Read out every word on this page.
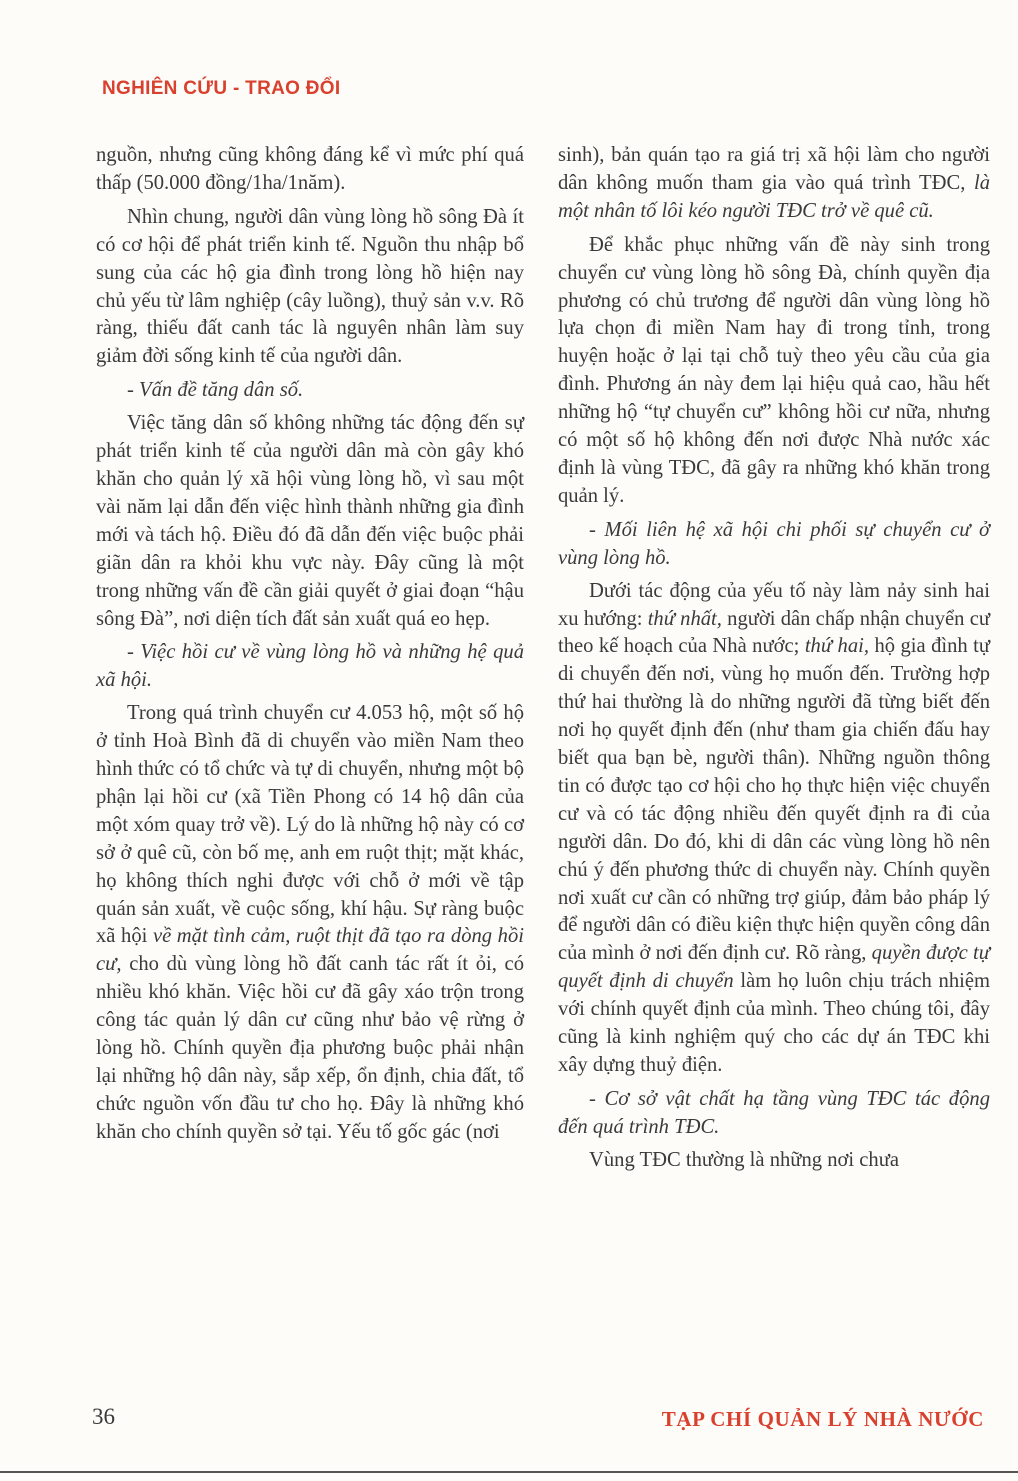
NGHIÊN CỨU - TRAO ĐỔI

nguồn, nhưng cũng không đáng kể vì mức phí quá thấp (50.000 đồng/1ha/1năm).

Nhìn chung, người dân vùng lòng hồ sông Đà ít có cơ hội để phát triển kinh tế. Nguồn thu nhập bổ sung của các hộ gia đình trong lòng hồ hiện nay chủ yếu từ lâm nghiệp (cây luồng), thuỷ sản v.v. Rõ ràng, thiếu đất canh tác là nguyên nhân làm suy giảm đời sống kinh tế của người dân.

- Vấn đề tăng dân số.

Việc tăng dân số không những tác động đến sự phát triển kinh tế của người dân mà còn gây khó khăn cho quản lý xã hội vùng lòng hồ, vì sau một vài năm lại dẫn đến việc hình thành những gia đình mới và tách hộ. Điều đó đã dẫn đến việc buộc phải giãn dân ra khỏi khu vực này. Đây cũng là một trong những vấn đề cần giải quyết ở giai đoạn “hậu sông Đà”, nơi diện tích đất sản xuất quá eo hẹp.

- Việc hồi cư về vùng lòng hồ và những hệ quả xã hội.

Trong quá trình chuyển cư 4.053 hộ, một số hộ ở tỉnh Hoà Bình đã di chuyển vào miền Nam theo hình thức có tổ chức và tự di chuyển, nhưng một bộ phận lại hồi cư (xã Tiền Phong có 14 hộ dân của một xóm quay trở về). Lý do là những hộ này có cơ sở ở quê cũ, còn bố mẹ, anh em ruột thịt; mặt khác, họ không thích nghi được với chỗ ở mới về tập quán sản xuất, về cuộc sống, khí hậu. Sự ràng buộc xã hội về mặt tình cảm, ruột thịt đã tạo ra dòng hồi cư, cho dù vùng lòng hồ đất canh tác rất ít ỏi, có nhiều khó khăn. Việc hồi cư đã gây xáo trộn trong công tác quản lý dân cư cũng như bảo vệ rừng ở lòng hồ. Chính quyền địa phương buộc phải nhận lại những hộ dân này, sắp xếp, ổn định, chia đất, tổ chức nguồn vốn đầu tư cho họ. Đây là những khó khăn cho chính quyền sở tại. Yếu tố gốc gác (nơi

sinh), bản quán tạo ra giá trị xã hội làm cho người dân không muốn tham gia vào quá trình TĐC, là một nhân tố lôi kéo người TĐC trở về quê cũ.

Để khắc phục những vấn đề này sinh trong chuyển cư vùng lòng hồ sông Đà, chính quyền địa phương có chủ trương để người dân vùng lòng hồ lựa chọn đi miền Nam hay đi trong tỉnh, trong huyện hoặc ở lại tại chỗ tuỳ theo yêu cầu của gia đình. Phương án này đem lại hiệu quả cao, hầu hết những hộ “tự chuyển cư” không hồi cư nữa, nhưng có một số hộ không đến nơi được Nhà nước xác định là vùng TĐC, đã gây ra những khó khăn trong quản lý.

- Mối liên hệ xã hội chi phối sự chuyển cư ở vùng lòng hồ.

Dưới tác động của yếu tố này làm nảy sinh hai xu hướng: thứ nhất, người dân chấp nhận chuyển cư theo kế hoạch của Nhà nước; thứ hai, hộ gia đình tự di chuyển đến nơi, vùng họ muốn đến. Trường hợp thứ hai thường là do những người đã từng biết đến nơi họ quyết định đến (như tham gia chiến đấu hay biết qua bạn bè, người thân). Những nguồn thông tin có được tạo cơ hội cho họ thực hiện việc chuyển cư và có tác động nhiều đến quyết định ra đi của người dân. Do đó, khi di dân các vùng lòng hồ nên chú ý đến phương thức di chuyển này. Chính quyền nơi xuất cư cần có những trợ giúp, đảm bảo pháp lý để người dân có điều kiện thực hiện quyền công dân của mình ở nơi đến định cư. Rõ ràng, quyền được tự quyết định di chuyển làm họ luôn chịu trách nhiệm với chính quyết định của mình. Theo chúng tôi, đây cũng là kinh nghiệm quý cho các dự án TĐC khi xây dựng thuỷ điện.

- Cơ sở vật chất hạ tầng vùng TĐC tác động đến quá trình TĐC.

Vùng TĐC thường là những nơi chưa

36	TẠP CHÍ QUẢN LÝ NHÀ NƯỚC
